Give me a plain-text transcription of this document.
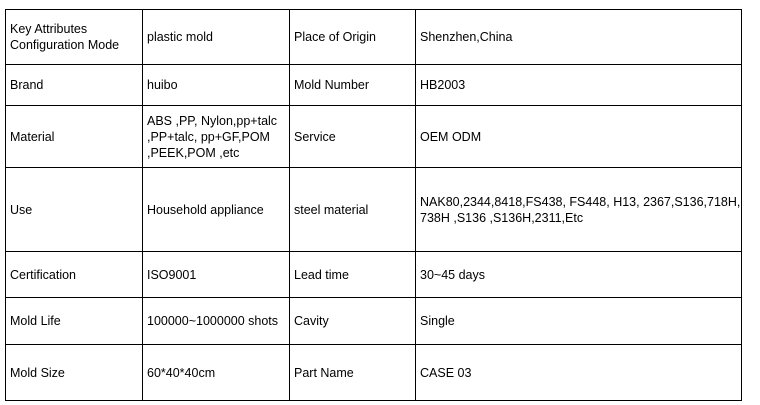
Key Attributes
Configuration Mode	plastic mold	Place of Origin	Shenzhen,China
Brand	huibo	Mold Number	HB2003
Material	ABS ,PP, Nylon,pp+talc
,PP+talc, pp+GF,POM
,PEEK,POM ,etc	Service	OEM ODM
Use	Household appliance	steel material	NAK80,2344,8418,FS438, FS448, H13, 2367,S136,718H,
738H ,S136 ,S136H,2311,Etc
Certification	ISO9001	Lead time	30~45 days
Mold Life	100000~1000000 shots	Cavity	Single
Mold Size	60*40*40cm	Part Name	CASE 03
